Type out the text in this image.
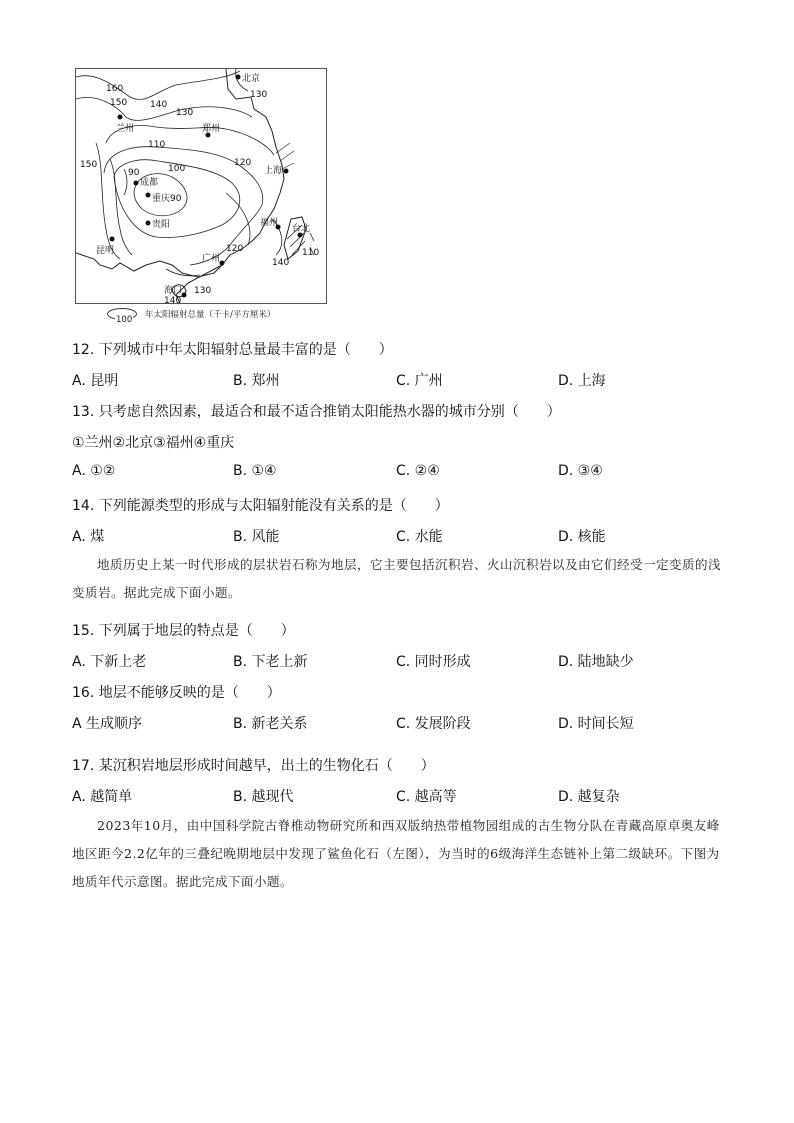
北京
兰州	郑州
上海
成都
重庆
贵阳
昆明
福州
台北
广州
海口
160
150	140
130
130
110
100
120
150
90
90
120	110
140
140
130
100 年太阳辐射总量（千卡/平方厘米）
12. 下列城市中年太阳辐射总量最丰富的是（　　）
A. 昆明	B. 郑州	C. 广州	D. 上海
13. 只考虑自然因素，最适合和最不适合推销太阳能热水器的城市分别（　　）
①兰州②北京③福州④重庆
A. ①②	B. ①④	C. ②④	D. ③④
14. 下列能源类型的形成与太阳辐射能没有关系的是（　　）
A. 煤	B. 风能	C. 水能	D. 核能

地质历史上某一时代形成的层状岩石称为地层，它主要包括沉积岩、火山沉积岩以及由它们经受一定变质的浅变质岩。据此完成下面小题。

15. 下列属于地层的特点是（　　）
A. 下新上老	B. 下老上新	C. 同时形成	D. 陆地缺少
16. 地层不能够反映的是（　　）
A 生成顺序	B. 新老关系	C. 发展阶段	D. 时间长短
17. 某沉积岩地层形成时间越早，出土的生物化石（　　）
A. 越简单	B. 越现代	C. 越高等	D. 越复杂

2023年10月，由中国科学院古脊椎动物研究所和西双版纳热带植物园组成的古生物分队在青藏高原卓奥友峰地区距今2.2亿年的三叠纪晚期地层中发现了鲨鱼化石（左图），为当时的6级海洋生态链补上第二级缺环。下图为地质年代示意图。据此完成下面小题。
